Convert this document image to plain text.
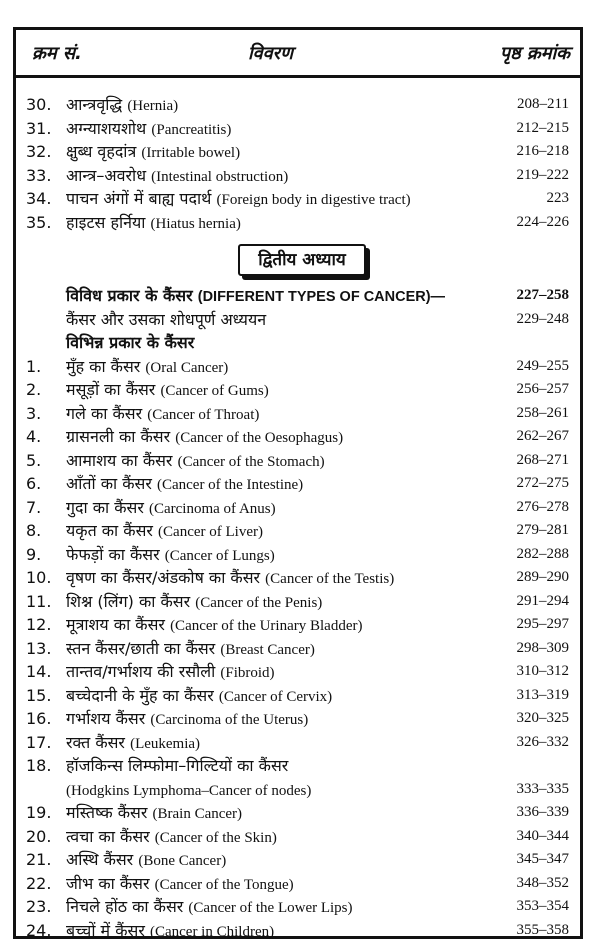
क्रम सं.	विवरण	पृष्ठ क्रमांक
30. आन्त्रवृद्धि (Hernia)	208–211
31. अग्न्याशयशोथ (Pancreatitis)	212–215
32. क्षुब्ध वृहदांत्र (Irritable bowel)	216–218
33. आन्त्र–अवरोध (Intestinal obstruction)	219–222
34. पाचन अंगों में बाह्य पदार्थ (Foreign body in digestive tract)	223
35. हाइटस हर्निया (Hiatus hernia)	224–226
द्वितीय अध्याय
विविध प्रकार के कैंसर (DIFFERENT TYPES OF CANCER)—	227–258
कैंसर और उसका शोधपूर्ण अध्ययन	229–248
विभिन्न प्रकार के कैंसर
1. मुँह का कैंसर (Oral Cancer)	249–255
2. मसूड़ों का कैंसर (Cancer of Gums)	256–257
3. गले का कैंसर (Cancer of Throat)	258–261
4. ग्रासनली का कैंसर (Cancer of the Oesophagus)	262–267
5. आमाशय का कैंसर (Cancer of the Stomach)	268–271
6. आँतों का कैंसर (Cancer of the Intestine)	272–275
7. गुदा का कैंसर (Carcinoma of Anus)	276–278
8. यकृत का कैंसर (Cancer of Liver)	279–281
9. फेफड़ों का कैंसर (Cancer of Lungs)	282–288
10. वृषण का कैंसर/अंडकोष का कैंसर (Cancer of the Testis)	289–290
11. शिश्न (लिंग) का कैंसर (Cancer of the Penis)	291–294
12. मूत्राशय का कैंसर (Cancer of the Urinary Bladder)	295–297
13. स्तन कैंसर/छाती का कैंसर (Breast Cancer)	298–309
14. तान्तव/गर्भाशय की रसौली (Fibroid)	310–312
15. बच्चेदानी के मुँह का कैंसर (Cancer of Cervix)	313–319
16. गर्भाशय कैंसर (Carcinoma of the Uterus)	320–325
17. रक्त कैंसर (Leukemia)	326–332
18. हॉजकिन्स लिम्फोमा–गिल्टियों का कैंसर
(Hodgkins Lymphoma–Cancer of nodes)	333–335
19. मस्तिष्क कैंसर (Brain Cancer)	336–339
20. त्वचा का कैंसर (Cancer of the Skin)	340–344
21. अस्थि कैंसर (Bone Cancer)	345–347
22. जीभ का कैंसर (Cancer of the Tongue)	348–352
23. निचले होंठ का कैंसर (Cancer of the Lower Lips)	353–354
24. बच्चों में कैंसर (Cancer in Children)	355–358
